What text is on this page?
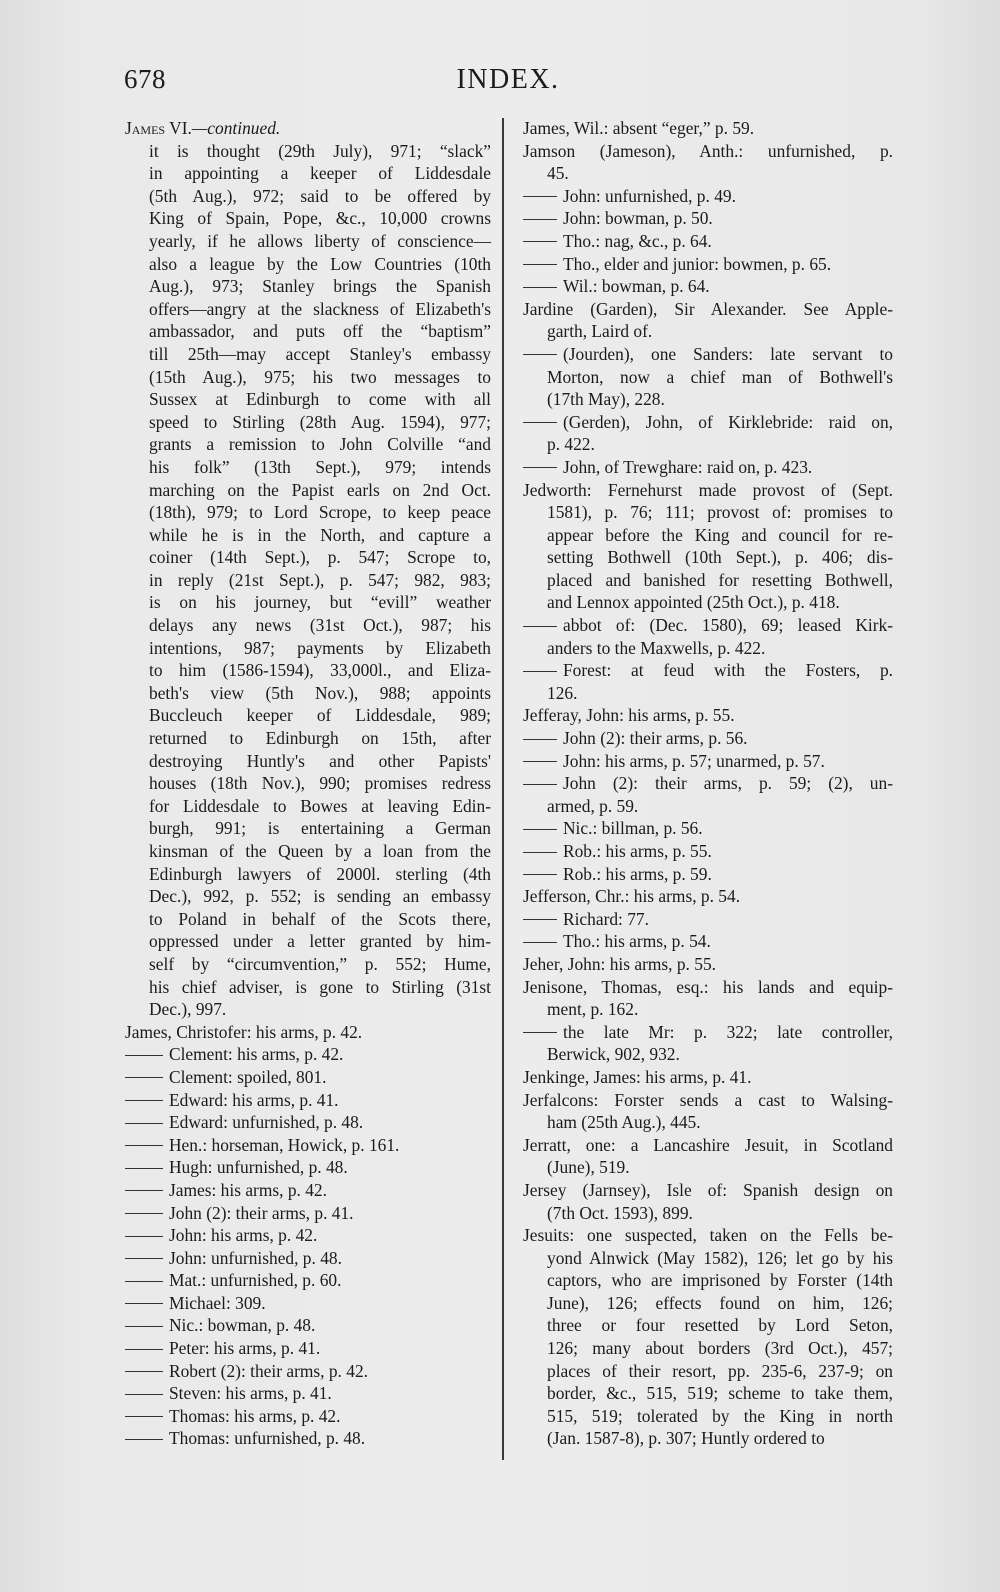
678	INDEX.
James VI.—continued.
it is thought (29th July), 971; “slack”
in appointing a keeper of Liddesdale
(5th Aug.), 972; said to be offered by
King of Spain, Pope, &c., 10,000 crowns
yearly, if he allows liberty of conscience—
also a league by the Low Countries (10th
Aug.), 973; Stanley brings the Spanish
offers—angry at the slackness of Elizabeth's
ambassador, and puts off the “baptism”
till 25th—may accept Stanley's embassy
(15th Aug.), 975; his two messages to
Sussex at Edinburgh to come with all
speed to Stirling (28th Aug. 1594), 977;
grants a remission to John Colville “and
his folk” (13th Sept.), 979; intends
marching on the Papist earls on 2nd Oct.
(18th), 979; to Lord Scrope, to keep peace
while he is in the North, and capture a
coiner (14th Sept.), p. 547; Scrope to,
in reply (21st Sept.), p. 547; 982, 983;
is on his journey, but “evill” weather
delays any news (31st Oct.), 987; his
intentions, 987; payments by Elizabeth
to him (1586-1594), 33,000l., and Eliza-
beth's view (5th Nov.), 988; appoints
Buccleuch keeper of Liddesdale, 989;
returned to Edinburgh on 15th, after
destroying Huntly's and other Papists'
houses (18th Nov.), 990; promises redress
for Liddesdale to Bowes at leaving Edin-
burgh, 991; is entertaining a German
kinsman of the Queen by a loan from the
Edinburgh lawyers of 2000l. sterling (4th
Dec.), 992, p. 552; is sending an embassy
to Poland in behalf of the Scots there,
oppressed under a letter granted by him-
self by “circumvention,” p. 552; Hume,
his chief adviser, is gone to Stirling (31st
Dec.), 997.
James, Christofer: his arms, p. 42.
Clement: his arms, p. 42.
Clement: spoiled, 801.
Edward: his arms, p. 41.
Edward: unfurnished, p. 48.
Hen.: horseman, Howick, p. 161.
Hugh: unfurnished, p. 48.
James: his arms, p. 42.
John (2): their arms, p. 41.
John: his arms, p. 42.
John: unfurnished, p. 48.
Mat.: unfurnished, p. 60.
Michael: 309.
Nic.: bowman, p. 48.
Peter: his arms, p. 41.
Robert (2): their arms, p. 42.
Steven: his arms, p. 41.
Thomas: his arms, p. 42.
Thomas: unfurnished, p. 48.
James, Wil.: absent “eger,” p. 59.
Jamson (Jameson), Anth.: unfurnished, p.
45.
John: unfurnished, p. 49.
John: bowman, p. 50.
Tho.: nag, &c., p. 64.
Tho., elder and junior: bowmen, p. 65.
Wil.: bowman, p. 64.
Jardine (Garden), Sir Alexander. See Apple-
garth, Laird of.
(Jourden), one Sanders: late servant to
Morton, now a chief man of Bothwell's
(17th May), 228.
(Gerden), John, of Kirklebride: raid on,
p. 422.
John, of Trewghare: raid on, p. 423.
Jedworth: Fernehurst made provost of (Sept.
1581), p. 76; 111; provost of: promises to
appear before the King and council for re-
setting Bothwell (10th Sept.), p. 406; dis-
placed and banished for resetting Bothwell,
and Lennox appointed (25th Oct.), p. 418.
abbot of: (Dec. 1580), 69; leased Kirk-
anders to the Maxwells, p. 422.
Forest: at feud with the Fosters, p.
126.
Jefferay, John: his arms, p. 55.
John (2): their arms, p. 56.
John: his arms, p. 57; unarmed, p. 57.
John (2): their arms, p. 59; (2), un-
armed, p. 59.
Nic.: billman, p. 56.
Rob.: his arms, p. 55.
Rob.: his arms, p. 59.
Jefferson, Chr.: his arms, p. 54.
Richard: 77.
Tho.: his arms, p. 54.
Jeher, John: his arms, p. 55.
Jenisone, Thomas, esq.: his lands and equip-
ment, p. 162.
the late Mr: p. 322; late controller,
Berwick, 902, 932.
Jenkinge, James: his arms, p. 41.
Jerfalcons: Forster sends a cast to Walsing-
ham (25th Aug.), 445.
Jerratt, one: a Lancashire Jesuit, in Scotland
(June), 519.
Jersey (Jarnsey), Isle of: Spanish design on
(7th Oct. 1593), 899.
Jesuits: one suspected, taken on the Fells be-
yond Alnwick (May 1582), 126; let go by his
captors, who are imprisoned by Forster (14th
June), 126; effects found on him, 126;
three or four resetted by Lord Seton,
126; many about borders (3rd Oct.), 457;
places of their resort, pp. 235-6, 237-9; on
border, &c., 515, 519; scheme to take them,
515, 519; tolerated by the King in north
(Jan. 1587-8), p. 307; Huntly ordered to
